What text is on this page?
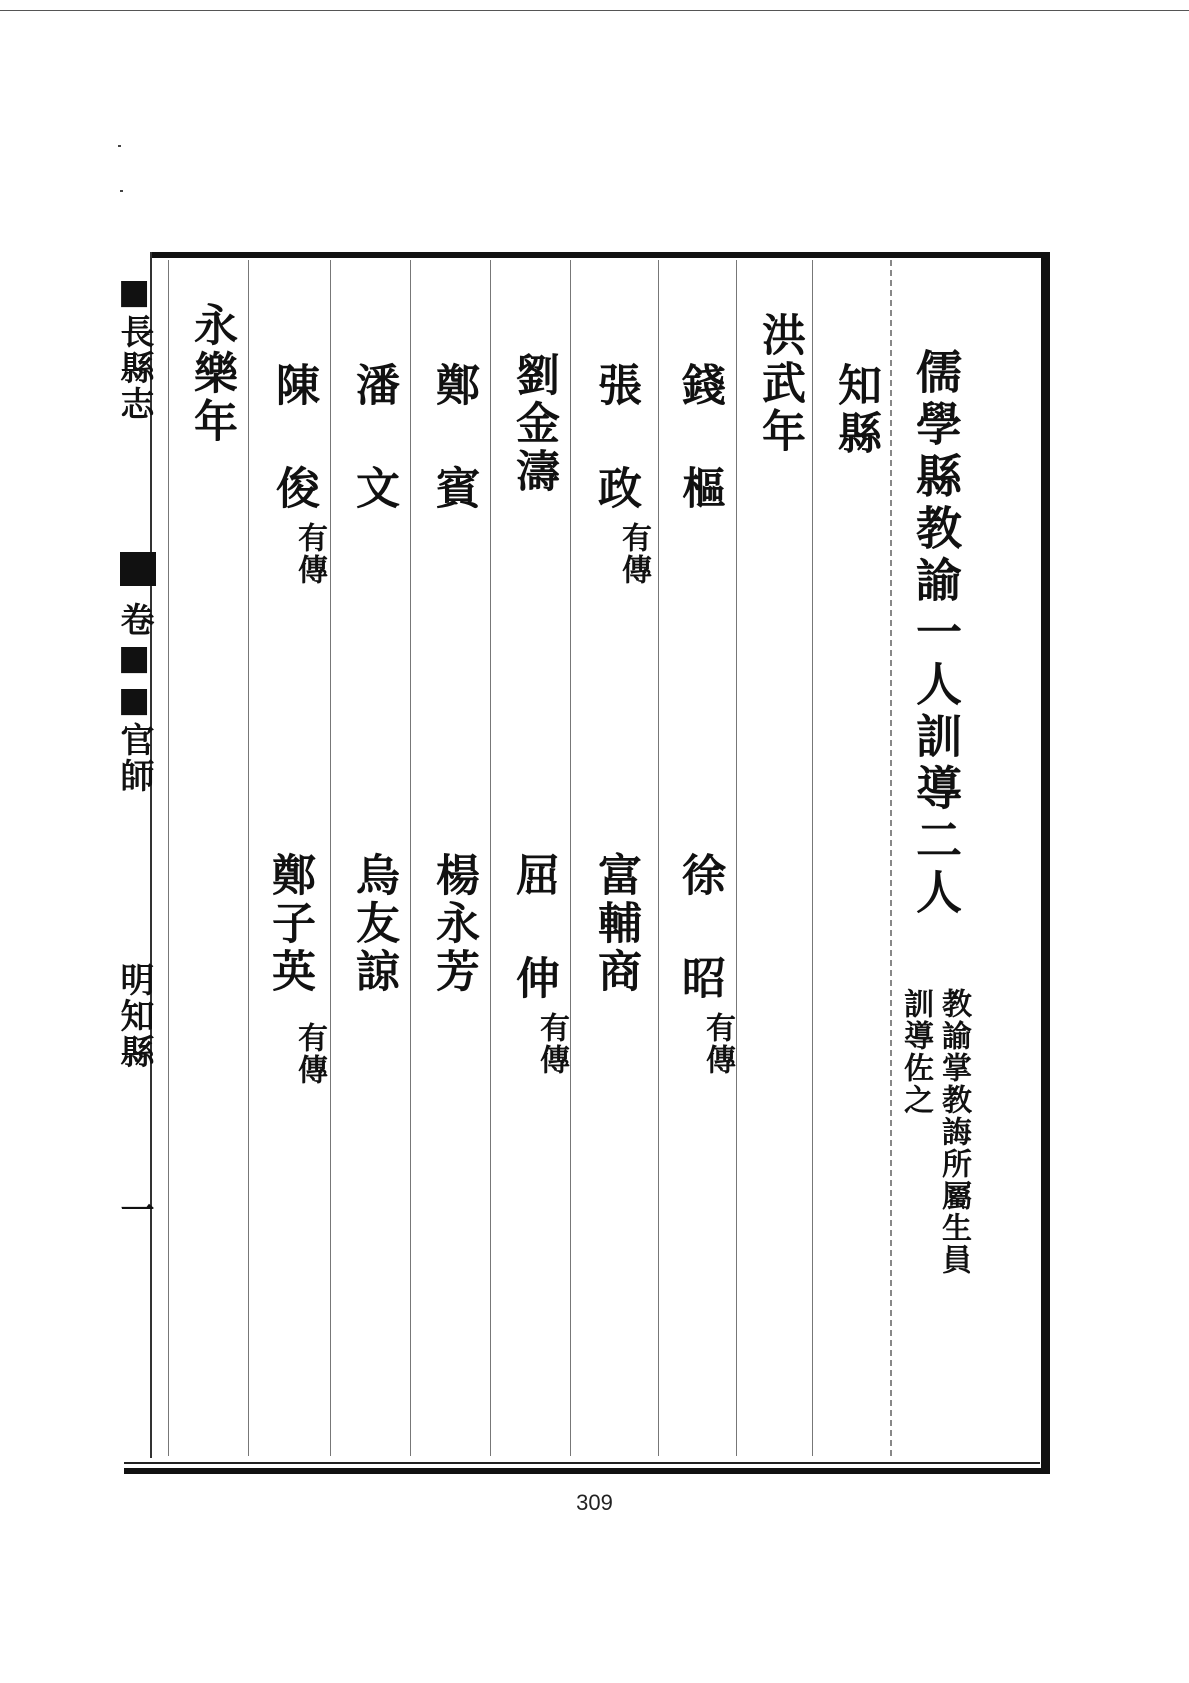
■長縣志
卷■■官師
明知縣
一
儒學縣教諭一人訓導二人
教諭掌教誨所屬生員訓導佐之
知縣
洪武年
錢 樞
徐 昭
有傳
張 政
有傳
富輔商
劉金濤
屈 伸
有傳
鄭 賓
楊永芳
潘 文
烏友諒
陳 俊
有傳
鄭子英
有傳
永樂年
309
